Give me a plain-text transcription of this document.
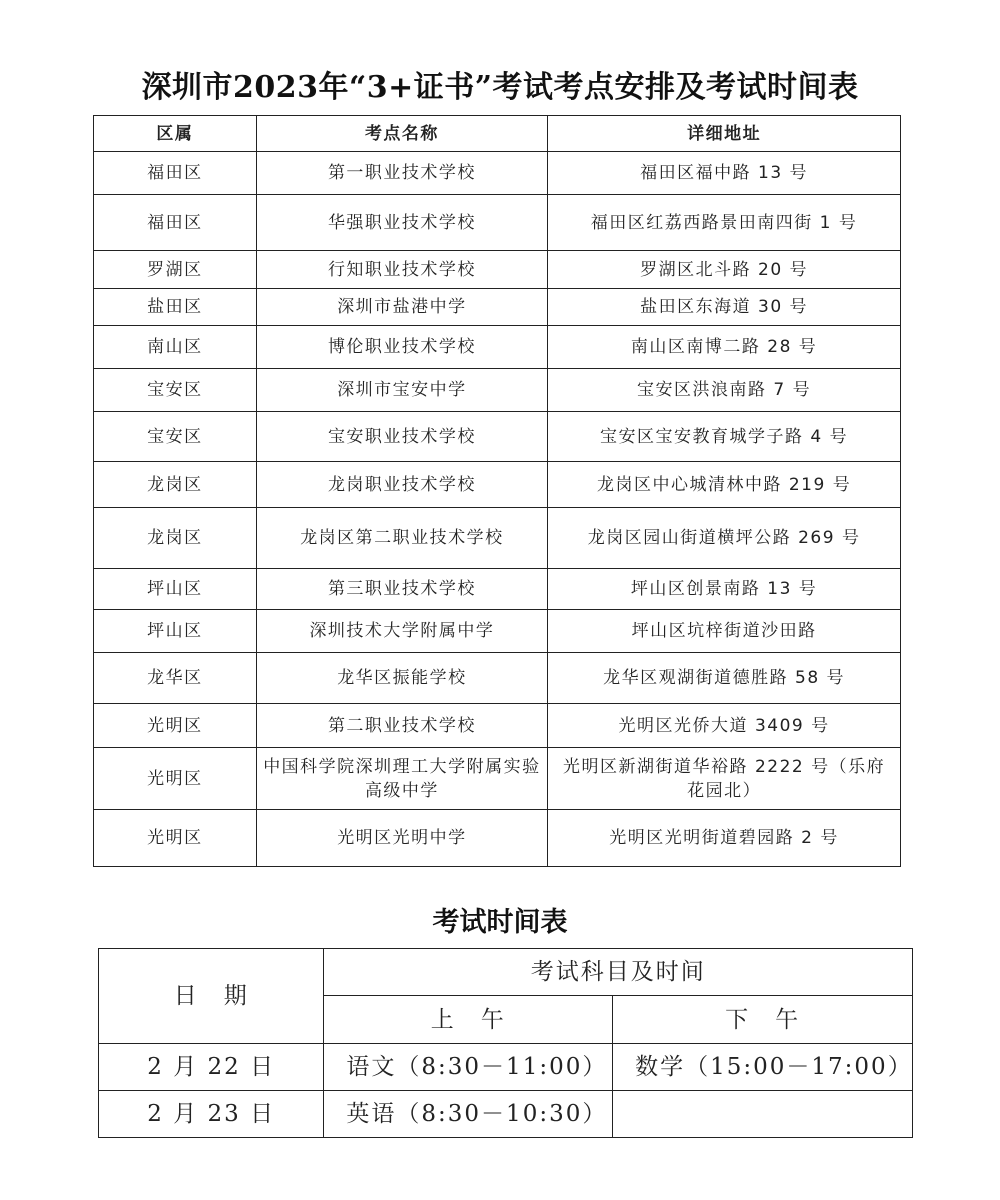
深圳市2023年“3+证书”考试考点安排及考试时间表
区属	考点名称	详细地址
福田区	第一职业技术学校	福田区福中路 13 号
福田区	华强职业技术学校	福田区红荔西路景田南四街 1 号
罗湖区	行知职业技术学校	罗湖区北斗路 20 号
盐田区	深圳市盐港中学	盐田区东海道 30 号
南山区	博伦职业技术学校	南山区南博二路 28 号
宝安区	深圳市宝安中学	宝安区洪浪南路 7 号
宝安区	宝安职业技术学校	宝安区宝安教育城学子路 4 号
龙岗区	龙岗职业技术学校	龙岗区中心城清林中路 219 号
龙岗区	龙岗区第二职业技术学校	龙岗区园山街道横坪公路 269 号
坪山区	第三职业技术学校	坪山区创景南路 13 号
坪山区	深圳技术大学附属中学	坪山区坑梓街道沙田路
龙华区	龙华区振能学校	龙华区观湖街道德胜路 58 号
光明区	第二职业技术学校	光明区光侨大道 3409 号
光明区	中国科学院深圳理工大学附属实验高级中学	光明区新湖街道华裕路 2222 号（乐府花园北）
光明区	光明区光明中学	光明区光明街道碧园路 2 号
考试时间表
日　期	考试科目及时间	
	上　午	下　午
2 月 22 日	语文（8:30－11:00）	数学（15:00－17:00）
2 月 23 日	英语（8:30－10:30）	
